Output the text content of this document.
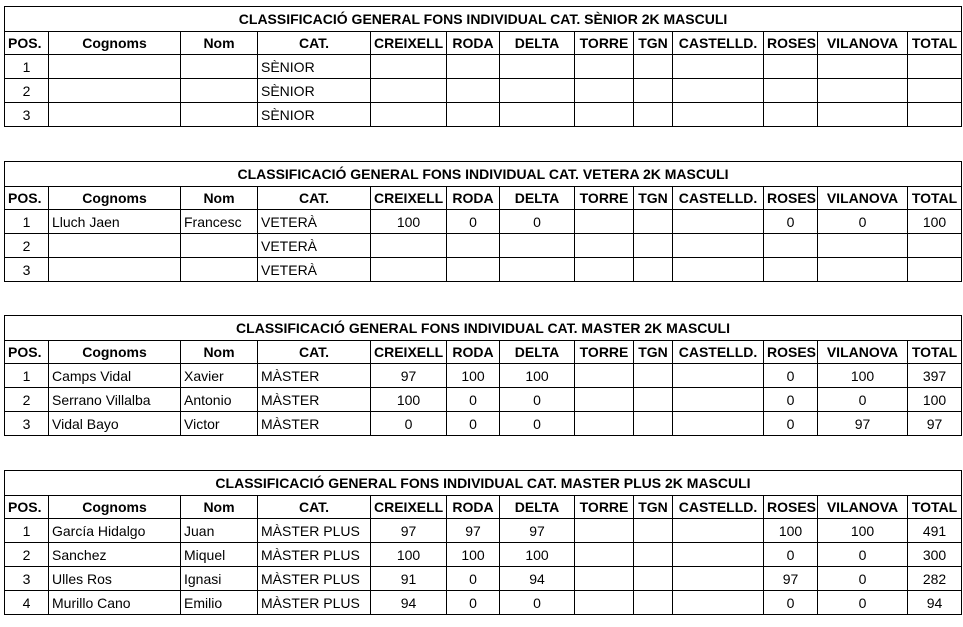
CLASSIFICACIÓ GENERAL FONS INDIVIDUAL CAT. SÈNIOR 2K MASCULI												
POS.	Cognoms	Nom	CAT.	CREIXELL	RODA	DELTA	TORRE	TGN	CASTELLD.	ROSES	VILANOVA	TOTAL
1			SÈNIOR									
2			SÈNIOR									
3			SÈNIOR									
CLASSIFICACIÓ GENERAL FONS INDIVIDUAL CAT. VETERA 2K MASCULI												
POS.	Cognoms	Nom	CAT.	CREIXELL	RODA	DELTA	TORRE	TGN	CASTELLD.	ROSES	VILANOVA	TOTAL
1	Lluch Jaen	Francesc	VETERÀ	100	0	0				0	0	100
2			VETERÀ									
3			VETERÀ									
CLASSIFICACIÓ GENERAL FONS INDIVIDUAL CAT. MASTER 2K MASCULI												
POS.	Cognoms	Nom	CAT.	CREIXELL	RODA	DELTA	TORRE	TGN	CASTELLD.	ROSES	VILANOVA	TOTAL
1	Camps Vidal	Xavier	MÀSTER	97	100	100				0	100	397
2	Serrano Villalba	Antonio	MÀSTER	100	0	0				0	0	100
3	Vidal Bayo	Victor	MÀSTER	0	0	0				0	97	97
CLASSIFICACIÓ GENERAL FONS INDIVIDUAL CAT. MASTER PLUS 2K MASCULI												
POS.	Cognoms	Nom	CAT.	CREIXELL	RODA	DELTA	TORRE	TGN	CASTELLD.	ROSES	VILANOVA	TOTAL
1	García Hidalgo	Juan	MÀSTER PLUS	97	97	97				100	100	491
2	Sanchez	Miquel	MÀSTER PLUS	100	100	100				0	0	300
3	Ulles Ros	Ignasi	MÀSTER PLUS	91	0	94				97	0	282
4	Murillo Cano	Emilio	MÀSTER PLUS	94	0	0				0	0	94
